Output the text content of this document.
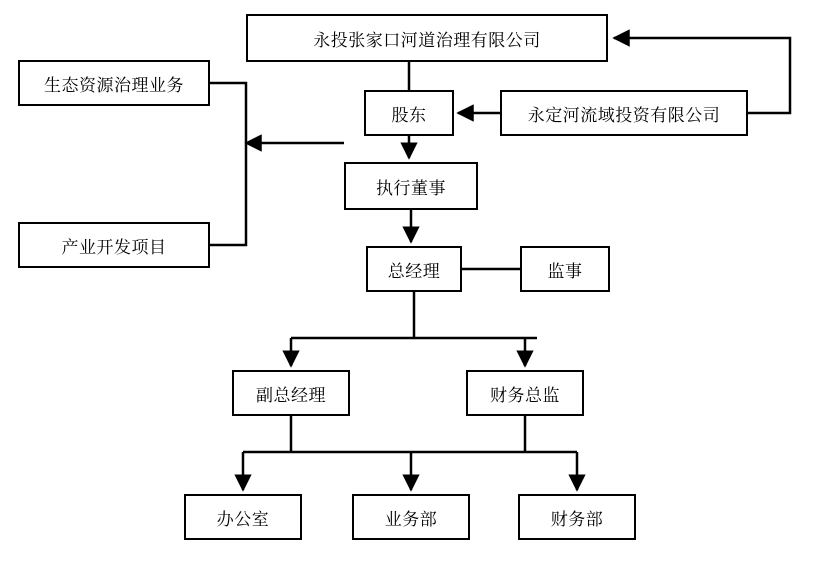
永投张家口河道治理有限公司
生态资源治理业务
股东	永定河流域投资有限公司
执行董事
产业开发项目
总经理	监事
副总经理	财务总监
办公室	业务部	财务部
